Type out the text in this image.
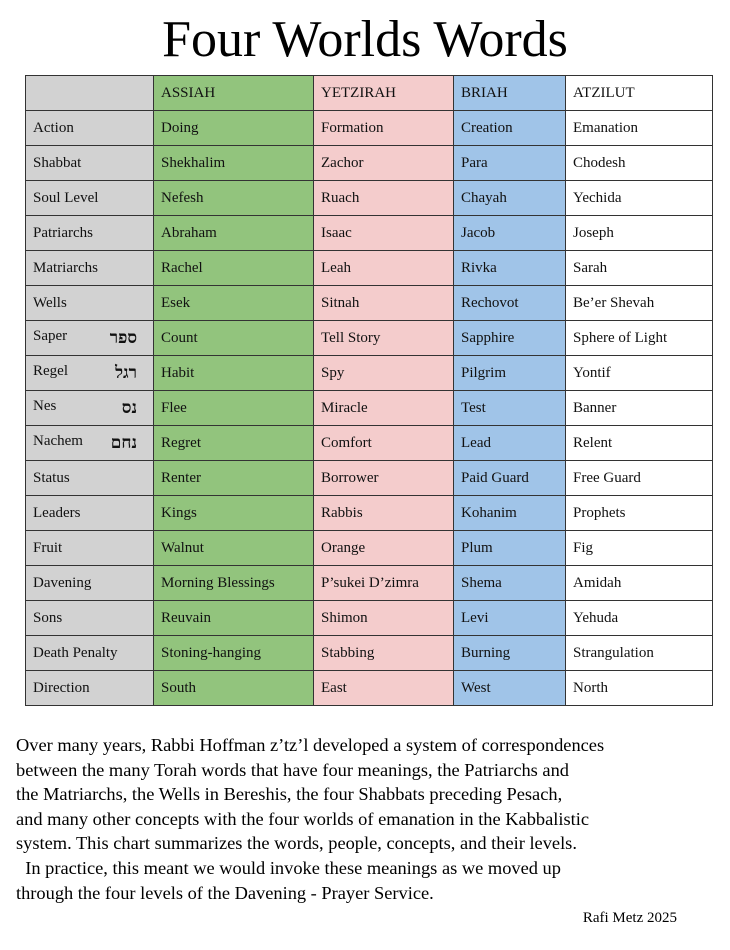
Four Worlds Words
	ASSIAH	YETZIRAH	BRIAH	ATZILUT

Action	Doing	Formation	Creation	Emanation

Shabbat	Shekhalim	Zachor	Para	Chodesh

Soul Level	Nefesh	Ruach	Chayah	Yechida

Patriarchs	Abraham	Isaac	Jacob	Joseph

Matriarchs	Rachel	Leah	Rivka	Sarah

Wells	Esek	Sitnah	Rechovot	Be’er Shevah

Saper ספר	Count	Tell Story	Sapphire	Sphere of Light

Regel רגל	Habit	Spy	Pilgrim	Yontif

Nes נס	Flee	Miracle	Test	Banner

Nachem נחם	Regret	Comfort	Lead	Relent

Status	Renter	Borrower	Paid Guard	Free Guard

Leaders	Kings	Rabbis	Kohanim	Prophets

Fruit	Walnut	Orange	Plum	Fig

Davening	Morning Blessings	P’sukei D’zimra	Shema	Amidah

Sons	Reuvain	Shimon	Levi	Yehuda

Death Penalty	Stoning-hanging	Stabbing	Burning	Strangulation

Direction	South	East	West	North

Over many years, Rabbi Hoffman z’tz’l developed a system of correspondences

between the many Torah words that have four meanings, the Patriarchs and

the Matriarchs, the Wells in Bereshis, the four Shabbats preceding Pesach,

and many other concepts with the four worlds of emanation in the Kabbalistic

system. This chart summarizes the words, people, concepts, and their levels.

In practice, this meant we would invoke these meanings as we moved up

through the four levels of the Davening - Prayer Service.

Rafi Metz 2025
